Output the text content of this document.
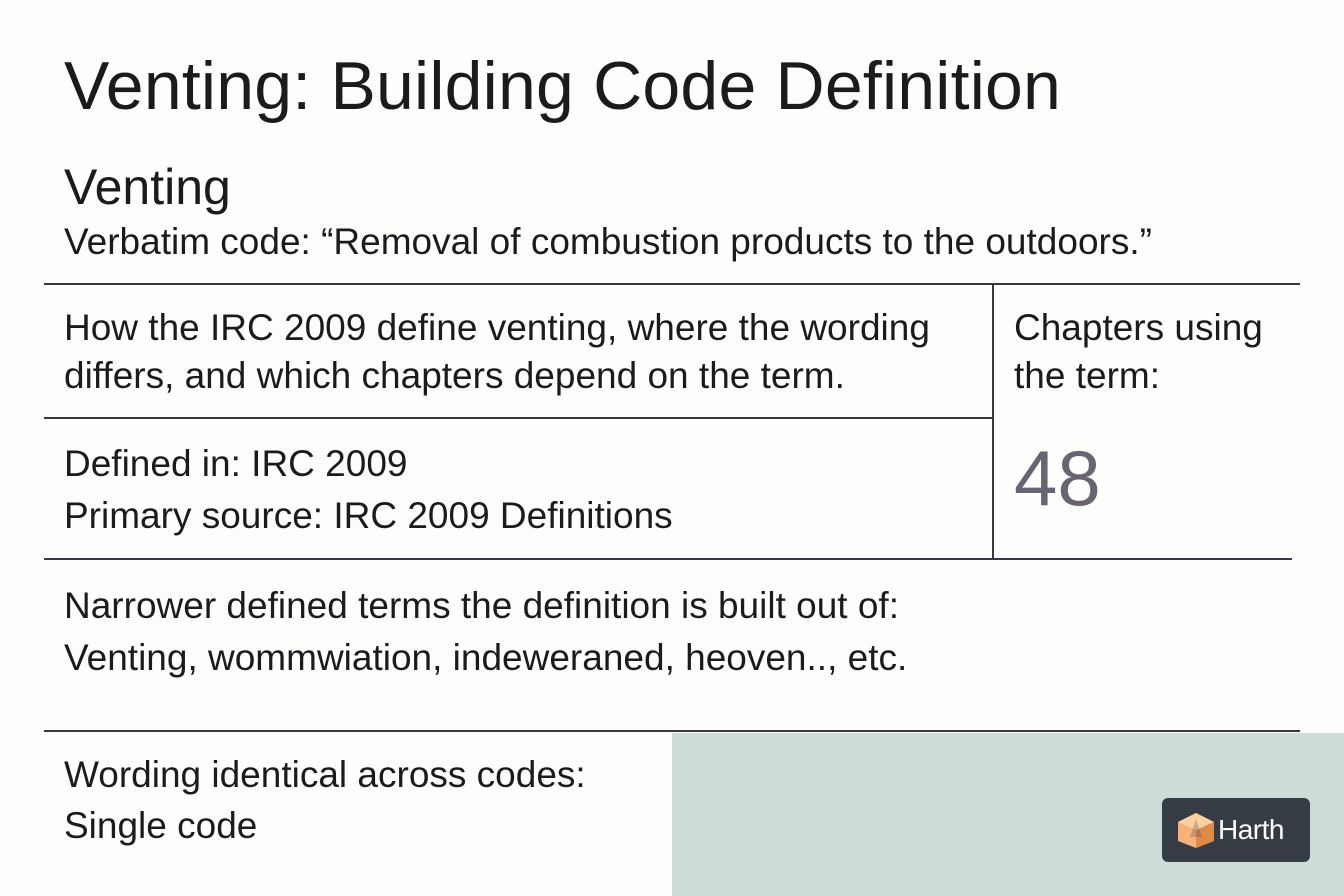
Venting: Building Code Definition
Venting
Verbatim code: “Removal of combustion products to the outdoors.”
How the IRC 2009 define venting, where the wording
differs, and which chapters depend on the term.
Chapters using
the term:
48
Defined in: IRC 2009
Primary source: IRC 2009 Definitions
Narrower defined terms the definition is built out of:
Venting, wommwiation, indeweraned, heoven.., etc.
Wording identical across codes:
Single code	Harth
